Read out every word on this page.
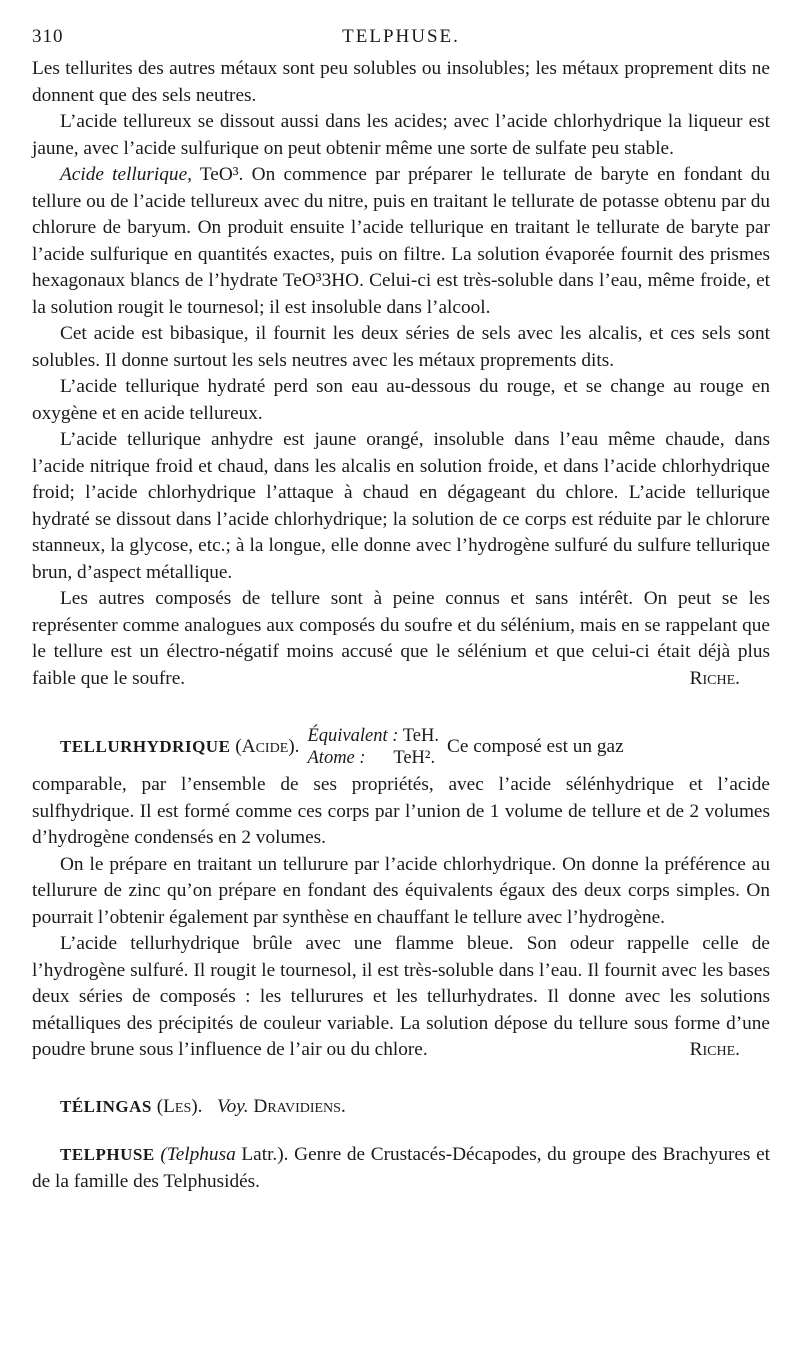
310	TELPHUSE.

Les tellurites des autres métaux sont peu solubles ou insolubles; les métaux proprement dits ne donnent que des sels neutres.

L’acide tellureux se dissout aussi dans les acides; avec l’acide chlorhydrique la liqueur est jaune, avec l’acide sulfurique on peut obtenir même une sorte de sulfate peu stable.

Acide tellurique, TeO³. On commence par préparer le tellurate de baryte en fondant du tellure ou de l’acide tellureux avec du nitre, puis en traitant le tellurate de potasse obtenu par du chlorure de baryum. On produit ensuite l’acide tellurique en traitant le tellurate de baryte par l’acide sulfurique en quantités exactes, puis on filtre. La solution évaporée fournit des prismes hexagonaux blancs de l’hydrate TeO³3HO. Celui-ci est très-soluble dans l’eau, même froide, et la solution rougit le tournesol; il est insoluble dans l’alcool.

Cet acide est bibasique, il fournit les deux séries de sels avec les alcalis, et ces sels sont solubles. Il donne surtout les sels neutres avec les métaux proprements dits.

L’acide tellurique hydraté perd son eau au-dessous du rouge, et se change au rouge en oxygène et en acide tellureux.

L’acide tellurique anhydre est jaune orangé, insoluble dans l’eau même chaude, dans l’acide nitrique froid et chaud, dans les alcalis en solution froide, et dans l’acide chlorhydrique froid; l’acide chlorhydrique l’attaque à chaud en dégageant du chlore. L’acide tellurique hydraté se dissout dans l’acide chlorhydrique; la solution de ce corps est réduite par le chlorure stanneux, la glycose, etc.; à la longue, elle donne avec l’hydrogène sulfuré du sulfure tellurique brun, d’aspect métallique.

Les autres composés de tellure sont à peine connus et sans intérêt. On peut se les représenter comme analogues aux composés du soufre et du sélénium, mais en se rappelant que le tellure est un électro-négatif moins accusé que le sélénium et que celui-ci était déjà plus faible que le soufre.	Riche.

TELLURHYDRIQUE
(Acide). Équivalent : TeH.
Atome : TeH².
Ce composé est un gaz

comparable, par l’ensemble de ses propriétés, avec l’acide sélénhydrique et l’acide sulfhydrique. Il est formé comme ces corps par l’union de 1 volume de tellure et de 2 volumes d’hydrogène condensés en 2 volumes.

On le prépare en traitant un tellurure par l’acide chlorhydrique. On donne la préférence au tellurure de zinc qu’on prépare en fondant des équivalents égaux des deux corps simples. On pourrait l’obtenir également par synthèse en chauffant le tellure avec l’hydrogène.

L’acide tellurhydrique brûle avec une flamme bleue. Son odeur rappelle celle de l’hydrogène sulfuré. Il rougit le tournesol, il est très-soluble dans l’eau. Il fournit avec les bases deux séries de composés : les tellurures et les tellurhydrates. Il donne avec les solutions métalliques des précipités de couleur variable. La solution dépose du tellure sous forme d’une poudre brune sous l’influence de l’air ou du chlore.	Riche.

TÉLINGAS (Les). Voy. Dravidiens.

TELPHUSE (Telphusa Latr.). Genre de Crustacés-Décapodes, du groupe des Brachyures et de la famille des Telphusidés.
